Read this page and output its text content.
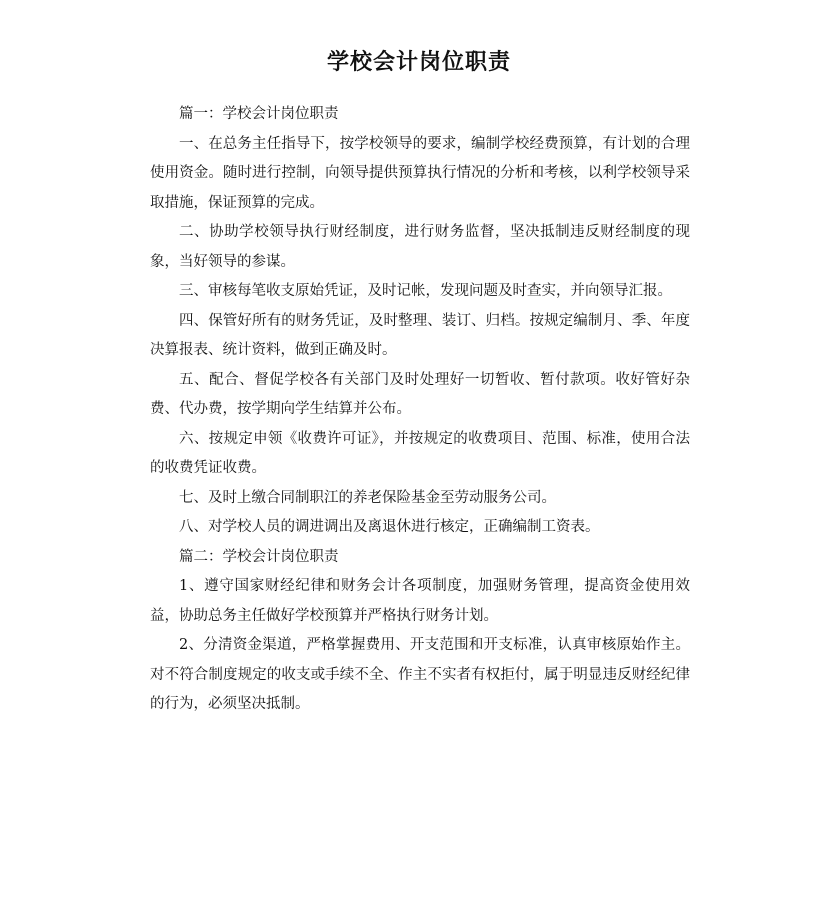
学校会计岗位职责

篇一：学校会计岗位职责

一、在总务主任指导下，按学校领导的要求，编制学校经费预算，有计划的合理使用资金。随时进行控制，向领导提供预算执行情况的分析和考核，以利学校领导采取措施，保证预算的完成。

二、协助学校领导执行财经制度，进行财务监督，坚决抵制违反财经制度的现象，当好领导的参谋。

三、审核每笔收支原始凭证，及时记帐，发现问题及时查实，并向领导汇报。

四、保管好所有的财务凭证，及时整理、装订、归档。按规定编制月、季、年度决算报表、统计资料，做到正确及时。

五、配合、督促学校各有关部门及时处理好一切暂收、暂付款项。收好管好杂费、代办费，按学期向学生结算并公布。

六、按规定申领《收费许可证》，并按规定的收费项目、范围、标准，使用合法的收费凭证收费。

七、及时上缴合同制职江的养老保险基金至劳动服务公司。

八、对学校人员的调进调出及离退休进行核定，正确编制工资表。

篇二：学校会计岗位职责

1、遵守国家财经纪律和财务会计各项制度，加强财务管理，提高资金使用效益，协助总务主任做好学校预算并严格执行财务计划。

2、分清资金渠道，严格掌握费用、开支范围和开支标准，认真审核原始作主。对不符合制度规定的收支或手续不全、作主不实者有权拒付，属于明显违反财经纪律的行为，必须坚决抵制。
